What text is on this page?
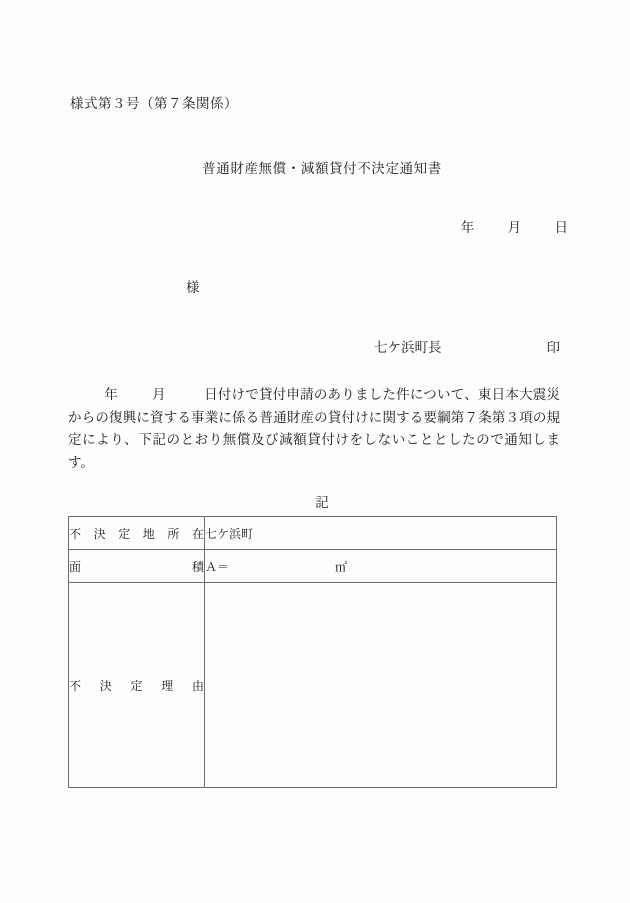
様式第３号（第７条関係）
普通財産無償・減額貸付不決定通知書
年 月 日
様
七ケ浜町長	印
年	月	日付けで貸付申請のありました件について、東日本大震災からの復興に資する事業に係る普通財産の貸付けに関する要綱第７条第３項の規定により、下記のとおり無償及び減額貸付けをしないこととしたので通知します。
記
不 決 定 地 所 在	七ケ浜町

面 積	Ａ＝ ㎡

不 決 定 理 由	
